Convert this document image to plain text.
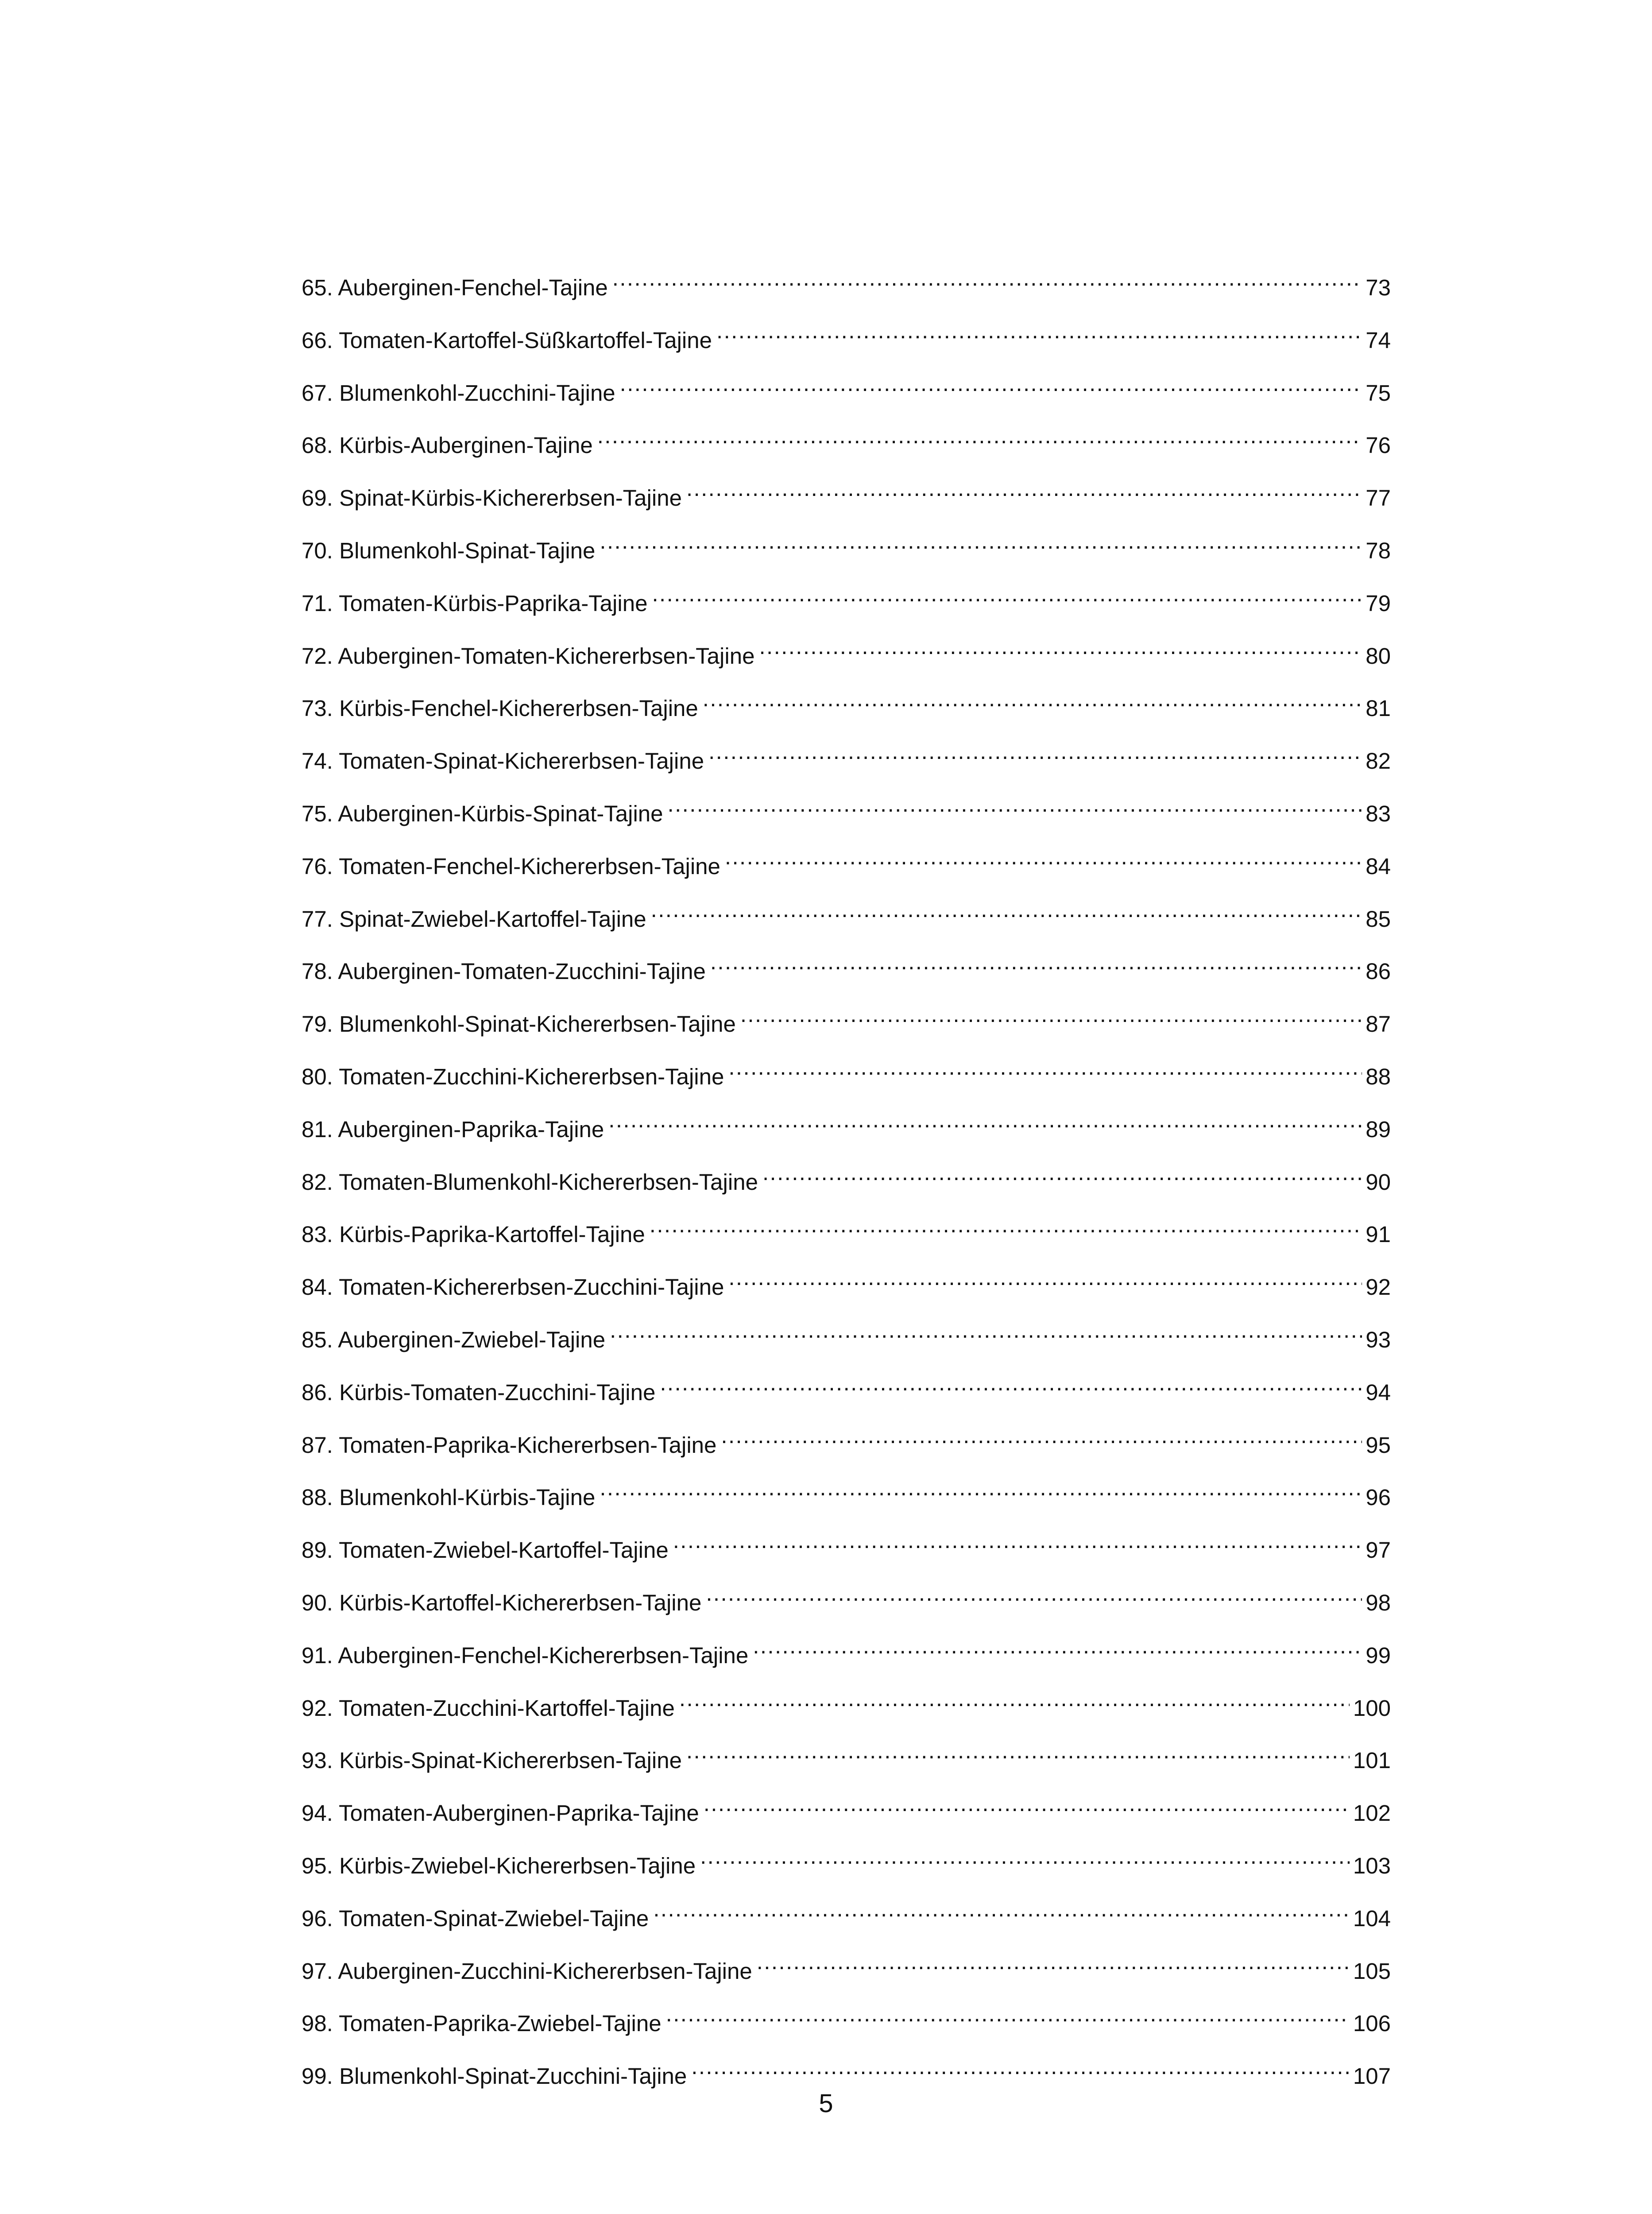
65. Auberginen-Fenchel-Tajine .....	73
66. Tomaten-Kartoffel-Süßkartoffel-Tajine .....	74
67. Blumenkohl-Zucchini-Tajine .....	75
68. Kürbis-Auberginen-Tajine .....	76
69. Spinat-Kürbis-Kichererbsen-Tajine .....	77
70. Blumenkohl-Spinat-Tajine .....	78
71. Tomaten-Kürbis-Paprika-Tajine .....	79
72. Auberginen-Tomaten-Kichererbsen-Tajine .....	80
73. Kürbis-Fenchel-Kichererbsen-Tajine .....	81
74. Tomaten-Spinat-Kichererbsen-Tajine .....	82
75. Auberginen-Kürbis-Spinat-Tajine .....	83
76. Tomaten-Fenchel-Kichererbsen-Tajine .....	84
77. Spinat-Zwiebel-Kartoffel-Tajine .....	85
78. Auberginen-Tomaten-Zucchini-Tajine .....	86
79. Blumenkohl-Spinat-Kichererbsen-Tajine .....	87
80. Tomaten-Zucchini-Kichererbsen-Tajine .....	88
81. Auberginen-Paprika-Tajine .....	89
82. Tomaten-Blumenkohl-Kichererbsen-Tajine .....	90
83. Kürbis-Paprika-Kartoffel-Tajine .....	91
84. Tomaten-Kichererbsen-Zucchini-Tajine .....	92
85. Auberginen-Zwiebel-Tajine .....	93
86. Kürbis-Tomaten-Zucchini-Tajine .....	94
87. Tomaten-Paprika-Kichererbsen-Tajine .....	95
88. Blumenkohl-Kürbis-Tajine .....	96
89. Tomaten-Zwiebel-Kartoffel-Tajine .....	97
90. Kürbis-Kartoffel-Kichererbsen-Tajine .....	98
91. Auberginen-Fenchel-Kichererbsen-Tajine .....	99
92. Tomaten-Zucchini-Kartoffel-Tajine .....	100
93. Kürbis-Spinat-Kichererbsen-Tajine .....	101
94. Tomaten-Auberginen-Paprika-Tajine .....	102
95. Kürbis-Zwiebel-Kichererbsen-Tajine .....	103
96. Tomaten-Spinat-Zwiebel-Tajine .....	104
97. Auberginen-Zucchini-Kichererbsen-Tajine .....	105
98. Tomaten-Paprika-Zwiebel-Tajine .....	106
99. Blumenkohl-Spinat-Zucchini-Tajine .....	107
5
